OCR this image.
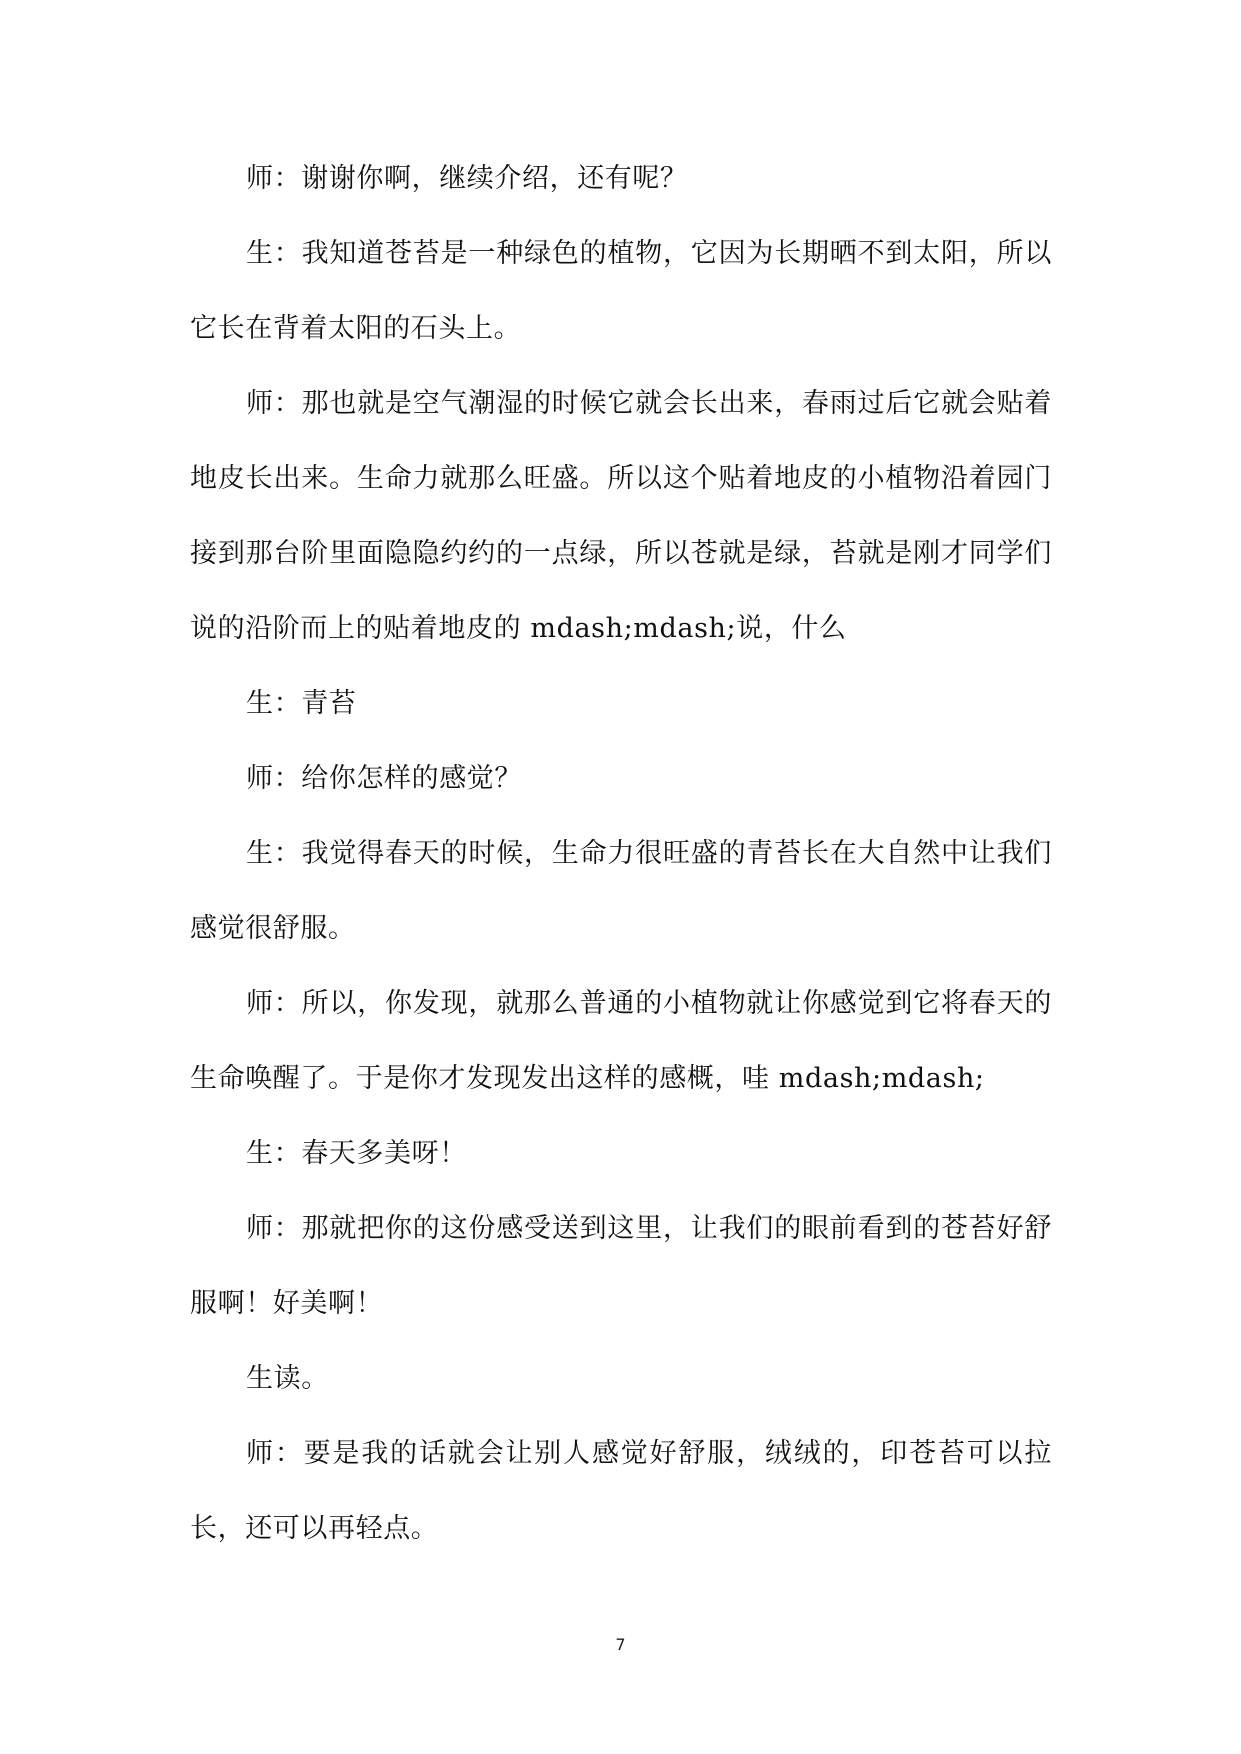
师：谢谢你啊，继续介绍，还有呢？

生：我知道苍苔是一种绿色的植物，它因为长期晒不到太阳，所以它长在背着太阳的石头上。

师：那也就是空气潮湿的时候它就会长出来，春雨过后它就会贴着地皮长出来。生命力就那么旺盛。所以这个贴着地皮的小植物沿着园门接到那台阶里面隐隐约约的一点绿，所以苍就是绿，苔就是刚才同学们说的沿阶而上的贴着地皮的 mdash;mdash;说，什么

生：青苔

师：给你怎样的感觉？

生：我觉得春天的时候，生命力很旺盛的青苔长在大自然中让我们感觉很舒服。

师：所以，你发现，就那么普通的小植物就让你感觉到它将春天的生命唤醒了。于是你才发现发出这样的感概，哇 mdash;mdash;

生：春天多美呀！

师：那就把你的这份感受送到这里，让我们的眼前看到的苍苔好舒服啊！好美啊！

生读。

师：要是我的话就会让别人感觉好舒服，绒绒的，印苍苔可以拉长，还可以再轻点。

7
